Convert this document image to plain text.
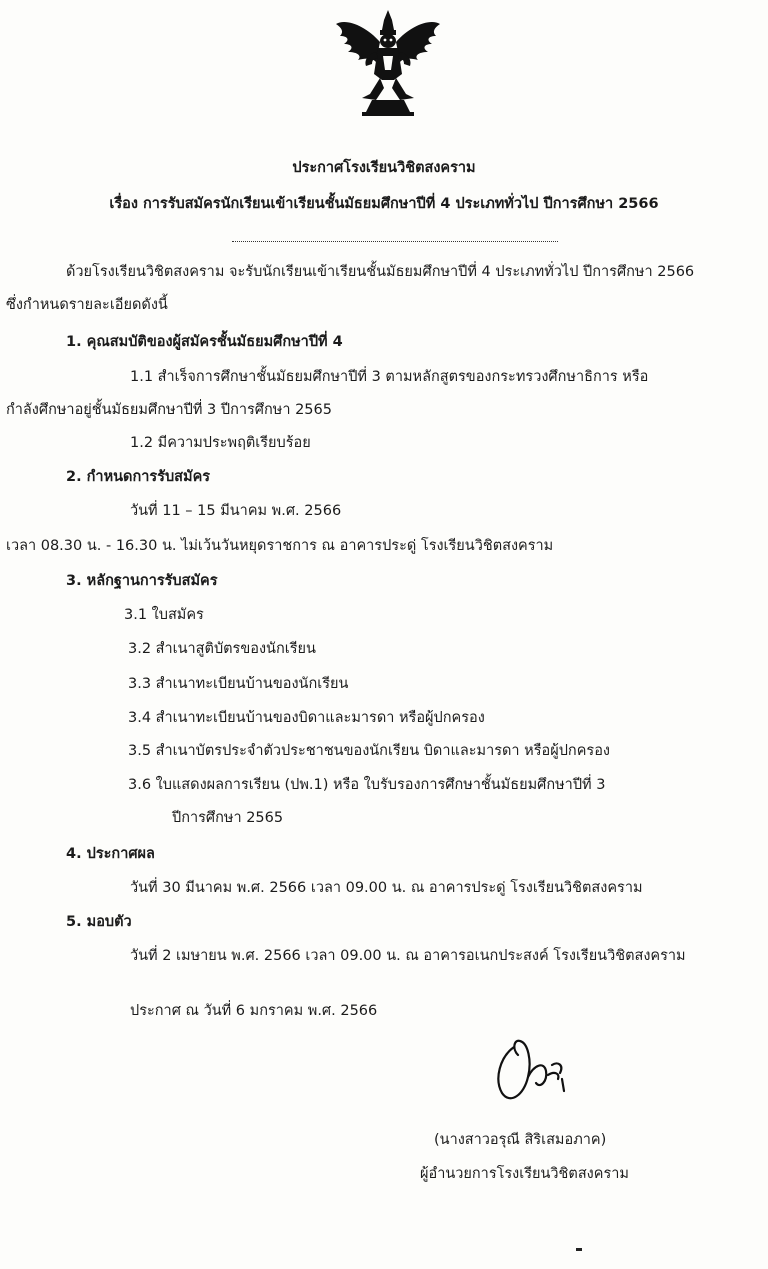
ประกาศโรงเรียนวิชิตสงคราม
เรื่อง การรับสมัครนักเรียนเข้าเรียนชั้นมัธยมศึกษาปีที่ 4 ประเภททั่วไป ปีการศึกษา 2566
ด้วยโรงเรียนวิชิตสงคราม จะรับนักเรียนเข้าเรียนชั้นมัธยมศึกษาปีที่ 4 ประเภททั่วไป ปีการศึกษา 2566
ซึ่งกำหนดรายละเอียดดังนี้
1. คุณสมบัติของผู้สมัครชั้นมัธยมศึกษาปีที่ 4
1.1 สำเร็จการศึกษาชั้นมัธยมศึกษาปีที่ 3 ตามหลักสูตรของกระทรวงศึกษาธิการ หรือ
กำลังศึกษาอยู่ชั้นมัธยมศึกษาปีที่ 3 ปีการศึกษา 2565
1.2 มีความประพฤติเรียบร้อย
2. กำหนดการรับสมัคร
วันที่ 11 – 15 มีนาคม พ.ศ. 2566
เวลา 08.30 น. - 16.30 น. ไม่เว้นวันหยุดราชการ ณ อาคารประดู่ โรงเรียนวิชิตสงคราม
3. หลักฐานการรับสมัคร
3.1 ใบสมัคร
3.2 สำเนาสูติบัตรของนักเรียน
3.3 สำเนาทะเบียนบ้านของนักเรียน
3.4 สำเนาทะเบียนบ้านของบิดาและมารดา หรือผู้ปกครอง
3.5 สำเนาบัตรประจำตัวประชาชนของนักเรียน บิดาและมารดา หรือผู้ปกครอง
3.6 ใบแสดงผลการเรียน (ปพ.1) หรือ ใบรับรองการศึกษาชั้นมัธยมศึกษาปีที่ 3
ปีการศึกษา 2565
4. ประกาศผล
วันที่ 30 มีนาคม พ.ศ. 2566 เวลา 09.00 น. ณ อาคารประดู่ โรงเรียนวิชิตสงคราม
5. มอบตัว
วันที่ 2 เมษายน พ.ศ. 2566 เวลา 09.00 น. ณ อาคารอเนกประสงค์ โรงเรียนวิชิตสงคราม
ประกาศ ณ วันที่ 6 มกราคม พ.ศ. 2566
(นางสาวอรุณี สิริเสมอภาค)
ผู้อำนวยการโรงเรียนวิชิตสงคราม
